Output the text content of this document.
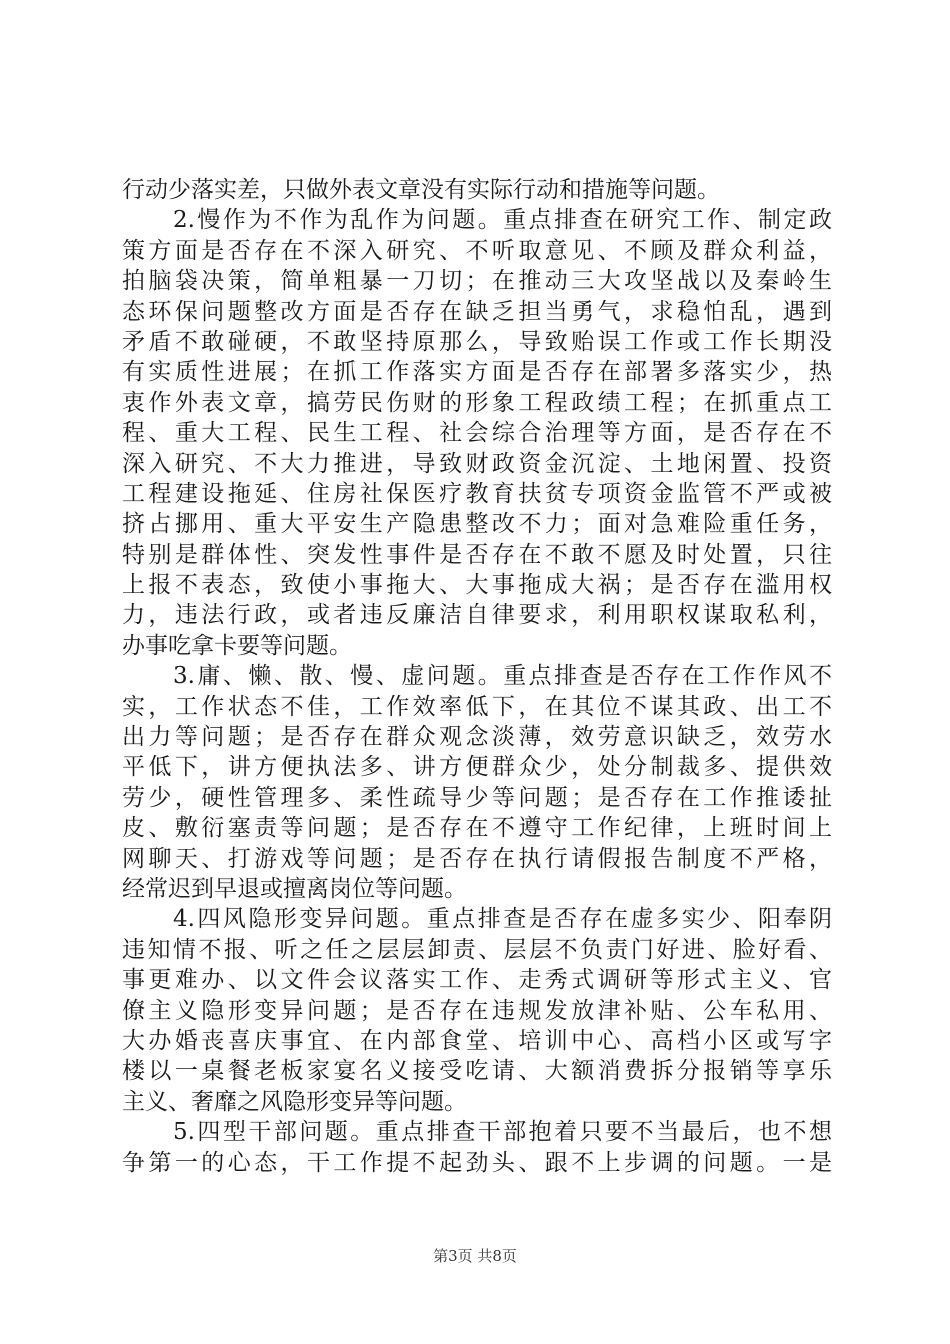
行动少落实差，只做外表文章没有实际行动和措施等问题。
　　2.慢作为不作为乱作为问题。重点排查在研究工作、制定政
策方面是否存在不深入研究、不听取意见、不顾及群众利益，
拍脑袋决策，简单粗暴一刀切；在推动三大攻坚战以及秦岭生
态环保问题整改方面是否存在缺乏担当勇气，求稳怕乱，遇到
矛盾不敢碰硬，不敢坚持原那么，导致贻误工作或工作长期没
有实质性进展；在抓工作落实方面是否存在部署多落实少，热
衷作外表文章，搞劳民伤财的形象工程政绩工程；在抓重点工
程、重大工程、民生工程、社会综合治理等方面，是否存在不
深入研究、不大力推进，导致财政资金沉淀、土地闲置、投资
工程建设拖延、住房社保医疗教育扶贫专项资金监管不严或被
挤占挪用、重大平安生产隐患整改不力；面对急难险重任务，
特别是群体性、突发性事件是否存在不敢不愿及时处置，只往
上报不表态，致使小事拖大、大事拖成大祸；是否存在滥用权
力，违法行政，或者违反廉洁自律要求，利用职权谋取私利，
办事吃拿卡要等问题。
　　3.庸、懒、散、慢、虚问题。重点排查是否存在工作作风不
实，工作状态不佳，工作效率低下，在其位不谋其政、出工不
出力等问题；是否存在群众观念淡薄，效劳意识缺乏，效劳水
平低下，讲方便执法多、讲方便群众少，处分制裁多、提供效
劳少，硬性管理多、柔性疏导少等问题；是否存在工作推诿扯
皮、敷衍塞责等问题；是否存在不遵守工作纪律，上班时间上
网聊天、打游戏等问题；是否存在执行请假报告制度不严格，
经常迟到早退或擅离岗位等问题。
　　4.四风隐形变异问题。重点排查是否存在虚多实少、阳奉阴
违知情不报、听之任之层层卸责、层层不负责门好进、脸好看、
事更难办、以文件会议落实工作、走秀式调研等形式主义、官
僚主义隐形变异问题；是否存在违规发放津补贴、公车私用、
大办婚丧喜庆事宜、在内部食堂、培训中心、高档小区或写字
楼以一桌餐老板家宴名义接受吃请、大额消费拆分报销等享乐
主义、奢靡之风隐形变异等问题。
　　5.四型干部问题。重点排查干部抱着只要不当最后，也不想
争第一的心态，干工作提不起劲头、跟不上步调的问题。一是
第3页 共8页
